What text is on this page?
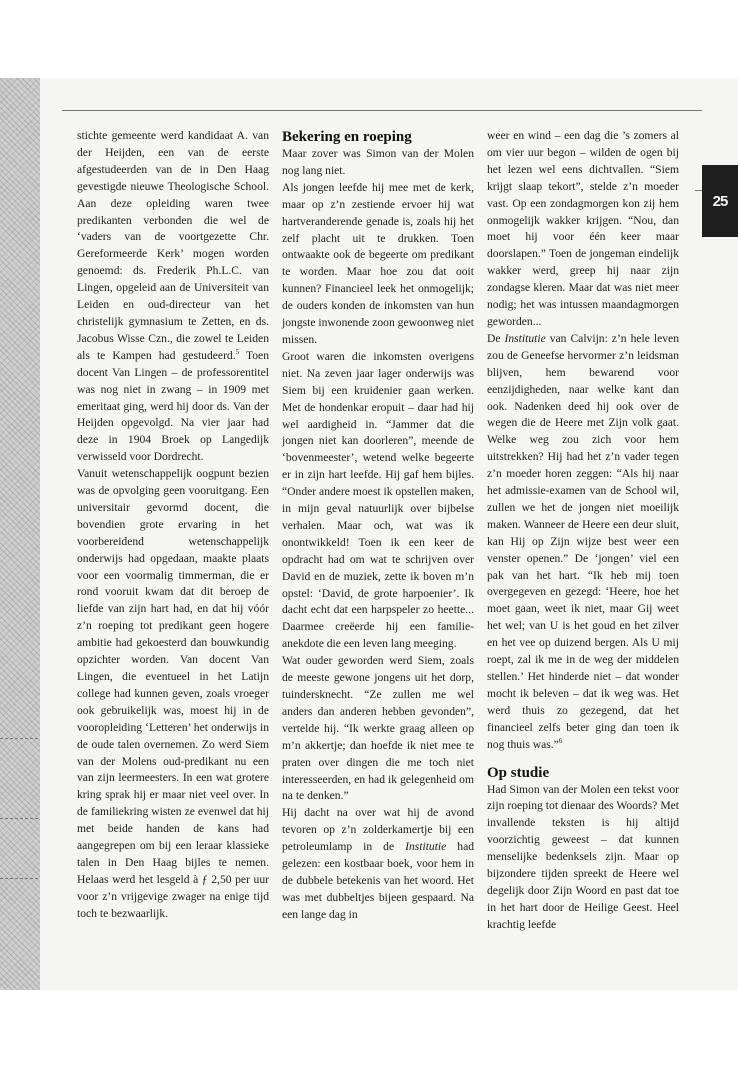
25

stichte gemeente werd kandidaat A. van der Heijden, een van de eerste afgestudeerden van de in Den Haag gevestigde nieuwe Theologische School. Aan deze opleiding waren twee predikanten verbonden die wel de ‘vaders van de voortgezette Chr. Gereformeerde Kerk’ mogen worden genoemd: ds. Frederik Ph.L.C. van Lingen, opgeleid aan de Universiteit van Leiden en oud-directeur van het christelijk gymnasium te Zetten, en ds. Jacobus Wisse Czn., die zowel te Leiden als te Kampen had gestudeerd.$^5$ Toen docent Van Lingen – de professorentitel was nog niet in zwang – in 1909 met emeritaat ging, werd hij door ds. Van der Heijden opgevolgd. Na vier jaar had deze in 1904 Broek op Langedijk verwisseld voor Dordrecht.

Vanuit wetenschappelijk oogpunt bezien was de opvolging geen vooruitgang. Een universitair gevormd docent, die bovendien grote ervaring in het voorbereidend wetenschappelijk onderwijs had opgedaan, maakte plaats voor een voormalig timmerman, die er rond vooruit kwam dat dit beroep de liefde van zijn hart had, en dat hij vóór z’n roeping tot predikant geen hogere ambitie had gekoesterd dan bouwkundig opzichter worden. Van docent Van Lingen, die eventueel in het Latijn college had kunnen geven, zoals vroeger ook gebruikelijk was, moest hij in de vooropleiding ‘Letteren’ het onderwijs in de oude talen overnemen. Zo werd Siem van der Molens oud-predikant nu een van zijn leermeesters. In een wat grotere kring sprak hij er maar niet veel over. In de familiekring wisten ze evenwel dat hij met beide handen de kans had aangegrepen om bij een leraar klassieke talen in Den Haag bijles te nemen. Helaas werd het lesgeld à ƒ 2,50 per uur voor z’n vrijgevige zwager na enige tijd toch te bezwaarlijk.

Bekering en roeping

Maar zover was Simon van der Molen nog lang niet.

Als jongen leefde hij mee met de kerk, maar op z’n zestiende ervoer hij wat hartveranderende genade is, zoals hij het zelf placht uit te drukken. Toen ontwaakte ook de begeerte om predikant te worden. Maar hoe zou dat ooit kunnen? Financieel leek het onmogelijk; de ouders konden de inkomsten van hun jongste inwonende zoon gewoonweg niet missen.

Groot waren die inkomsten overigens niet. Na zeven jaar lager onderwijs was Siem bij een kruidenier gaan werken. Met de hondenkar eropuit – daar had hij wel aardigheid in. “Jammer dat die jongen niet kan doorleren”, meende de ‘bovenmeester’, wetend welke begeerte er in zijn hart leefde. Hij gaf hem bijles. “Onder andere moest ik opstellen maken, in mijn geval natuurlijk over bijbelse verhalen. Maar och, wat was ik onontwikkeld! Toen ik een keer de opdracht had om wat te schrijven over David en de muziek, zette ik boven m’n opstel: ‘David, de grote harpoenier’. Ik dacht echt dat een harpspeler zo heette... Daarmee creëerde hij een familie-anekdote die een leven lang meeging.

Wat ouder geworden werd Siem, zoals de meeste gewone jongens uit het dorp, tuindersknecht. “Ze zullen me wel anders dan anderen hebben gevonden”, vertelde hij. “Ik werkte graag alleen op m’n akkertje; dan hoefde ik niet mee te praten over dingen die me toch niet interesseerden, en had ik gelegenheid om na te denken.”

Hij dacht na over wat hij de avond tevoren op z’n zolderkamertje bij een petroleumlamp in de Institutie had gelezen: een kostbaar boek, voor hem in de dubbele betekenis van het woord. Het was met dubbeltjes bijeen gespaard. Na een lange dag in

weer en wind – een dag die ’s zomers al om vier uur begon – wilden de ogen bij het lezen wel eens dichtvallen. “Siem krijgt slaap tekort”, stelde z’n moeder vast. Op een zondagmorgen kon zij hem onmogelijk wakker krijgen. “Nou, dan moet hij voor één keer maar doorslapen.” Toen de jongeman eindelijk wakker werd, greep hij naar zijn zondagse kleren. Maar dat was niet meer nodig; het was intussen maandagmorgen geworden...

De Institutie van Calvijn: z’n hele leven zou de Geneefse hervormer z’n leidsman blijven, hem bewarend voor eenzijdigheden, naar welke kant dan ook. Nadenken deed hij ook over de wegen die de Heere met Zijn volk gaat. Welke weg zou zich voor hem uitstrekken? Hij had het z’n vader tegen z’n moeder horen zeggen: “Als hij naar het admissie-examen van de School wil, zullen we het de jongen niet moeilijk maken. Wanneer de Heere een deur sluit, kan Hij op Zijn wijze best weer een venster openen.” De ‘jongen’ viel een pak van het hart. “Ik heb mij toen overgegeven en gezegd: ‘Heere, hoe het moet gaan, weet ik niet, maar Gij weet het wel; van U is het goud en het zilver en het vee op duizend bergen. Als U mij roept, zal ik me in de weg der middelen stellen.’ Het hinderde niet – dat wonder mocht ik beleven – dat ik weg was. Het werd thuis zo gezegend, dat het financieel zelfs beter ging dan toen ik nog thuis was.”$^6$

Op studie

Had Simon van der Molen een tekst voor zijn roeping tot dienaar des Woords? Met invallende teksten is hij altijd voorzichtig geweest – dat kunnen menselijke bedenksels zijn. Maar op bijzondere tijden spreekt de Heere wel degelijk door Zijn Woord en past dat toe in het hart door de Heilige Geest. Heel krachtig leefde
